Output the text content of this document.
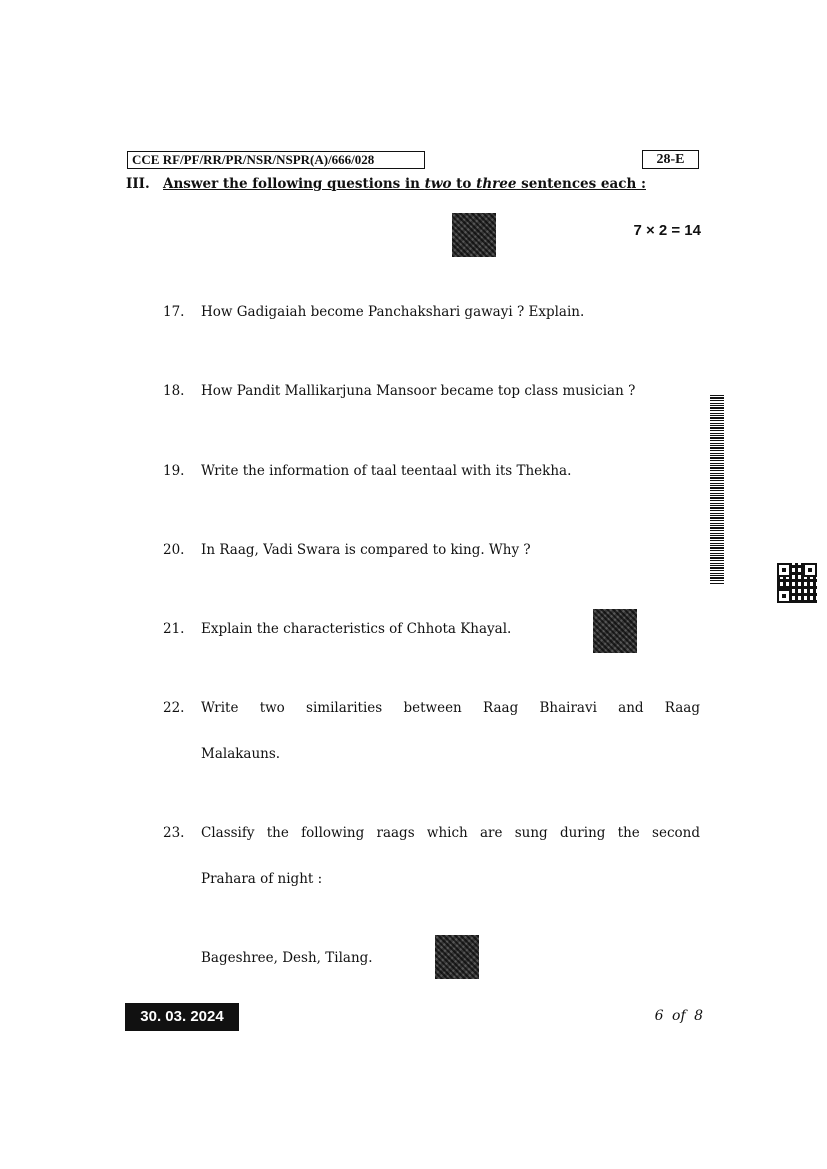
CCE RF/PF/RR/PR/NSR/NSPR(A)/666/028	28-E
III. Answer the following questions in two to three sentences each :
7 × 2 = 14
17. How Gadigaiah become Panchakshari gawayi ? Explain.
18. How Pandit Mallikarjuna Mansoor became top class musician ?
19. Write the information of taal teentaal with its Thekha.
20. In Raag, Vadi Swara is compared to king. Why ?
21. Explain the characteristics of Chhota Khayal.
22. Write two similarities between Raag Bhairavi and Raag
Malakauns.
23. Classify the following raags which are sung during the second
Prahara of night :
Bageshree, Desh, Tilang.
30. 03. 2024	6 of 8
